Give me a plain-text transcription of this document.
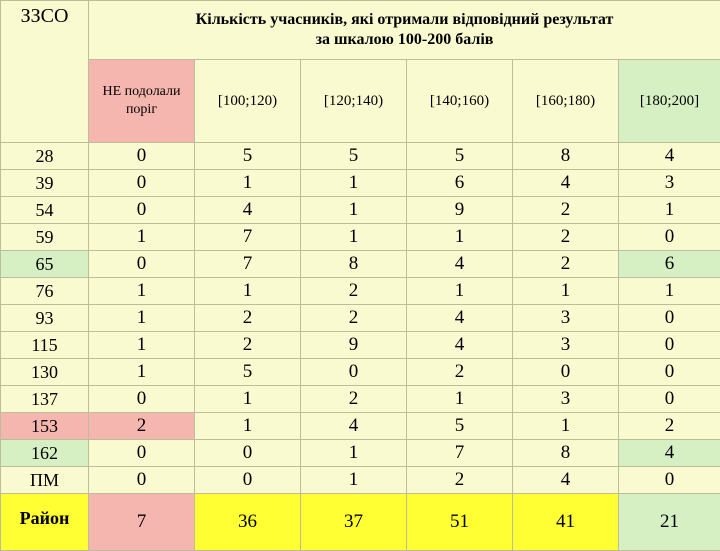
ЗЗСО	Кількість учасників, які отримали відповідний результат
за шкалою 100-200 балів					

	НЕ подолали поріг	[100;120)	[120;140)	[140;160)	[160;180)	[180;200]
28	0	5	5	5	8	4
39	0	1	1	6	4	3
54	0	4	1	9	2	1
59	1	7	1	1	2	0
65	0	7	8	4	2	6
76	1	1	2	1	1	1
93	1	2	2	4	3	0
115	1	2	9	4	3	0
130	1	5	0	2	0	0
137	0	1	2	1	3	0
153	2	1	4	5	1	2
162	0	0	1	7	8	4
ПМ	0	0	1	2	4	0

Район	7	36	37	51	41	21
